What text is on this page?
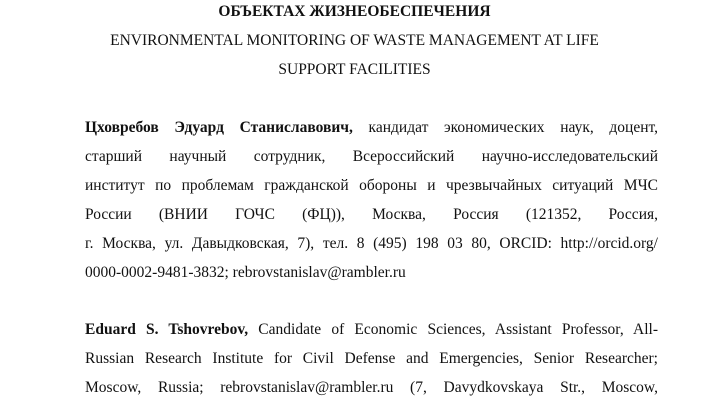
ОБЪЕКТАХ ЖИЗНЕОБЕСПЕЧЕНИЯ
ENVIRONMENTAL MONITORING OF WASTE MANAGEMENT AT LIFE
SUPPORT FACILITIES
Цховребов Эдуард Станиславович, кандидат экономических наук, доцент,
старший научный сотрудник, Всероссийский научно-исследовательский
институт по проблемам гражданской обороны и чрезвычайных ситуаций МЧС
России (ВНИИ ГОЧС (ФЦ)), Москва, Россия (121352, Россия,
г. Москва, ул. Давыдковская, 7), тел. 8 (495) 198 03 80, ORCID: http://orcid.org/
0000-0002-9481-3832; rebrovstanislav@rambler.ru
Eduard S. Tshovrebov, Candidate of Economic Sciences, Assistant Professor, All-
Russian Research Institute for Civil Defense and Emergencies, Senior Researcher;
Moscow, Russia; rebrovstanislav@rambler.ru (7, Davydkovskaya Str., Moscow,
